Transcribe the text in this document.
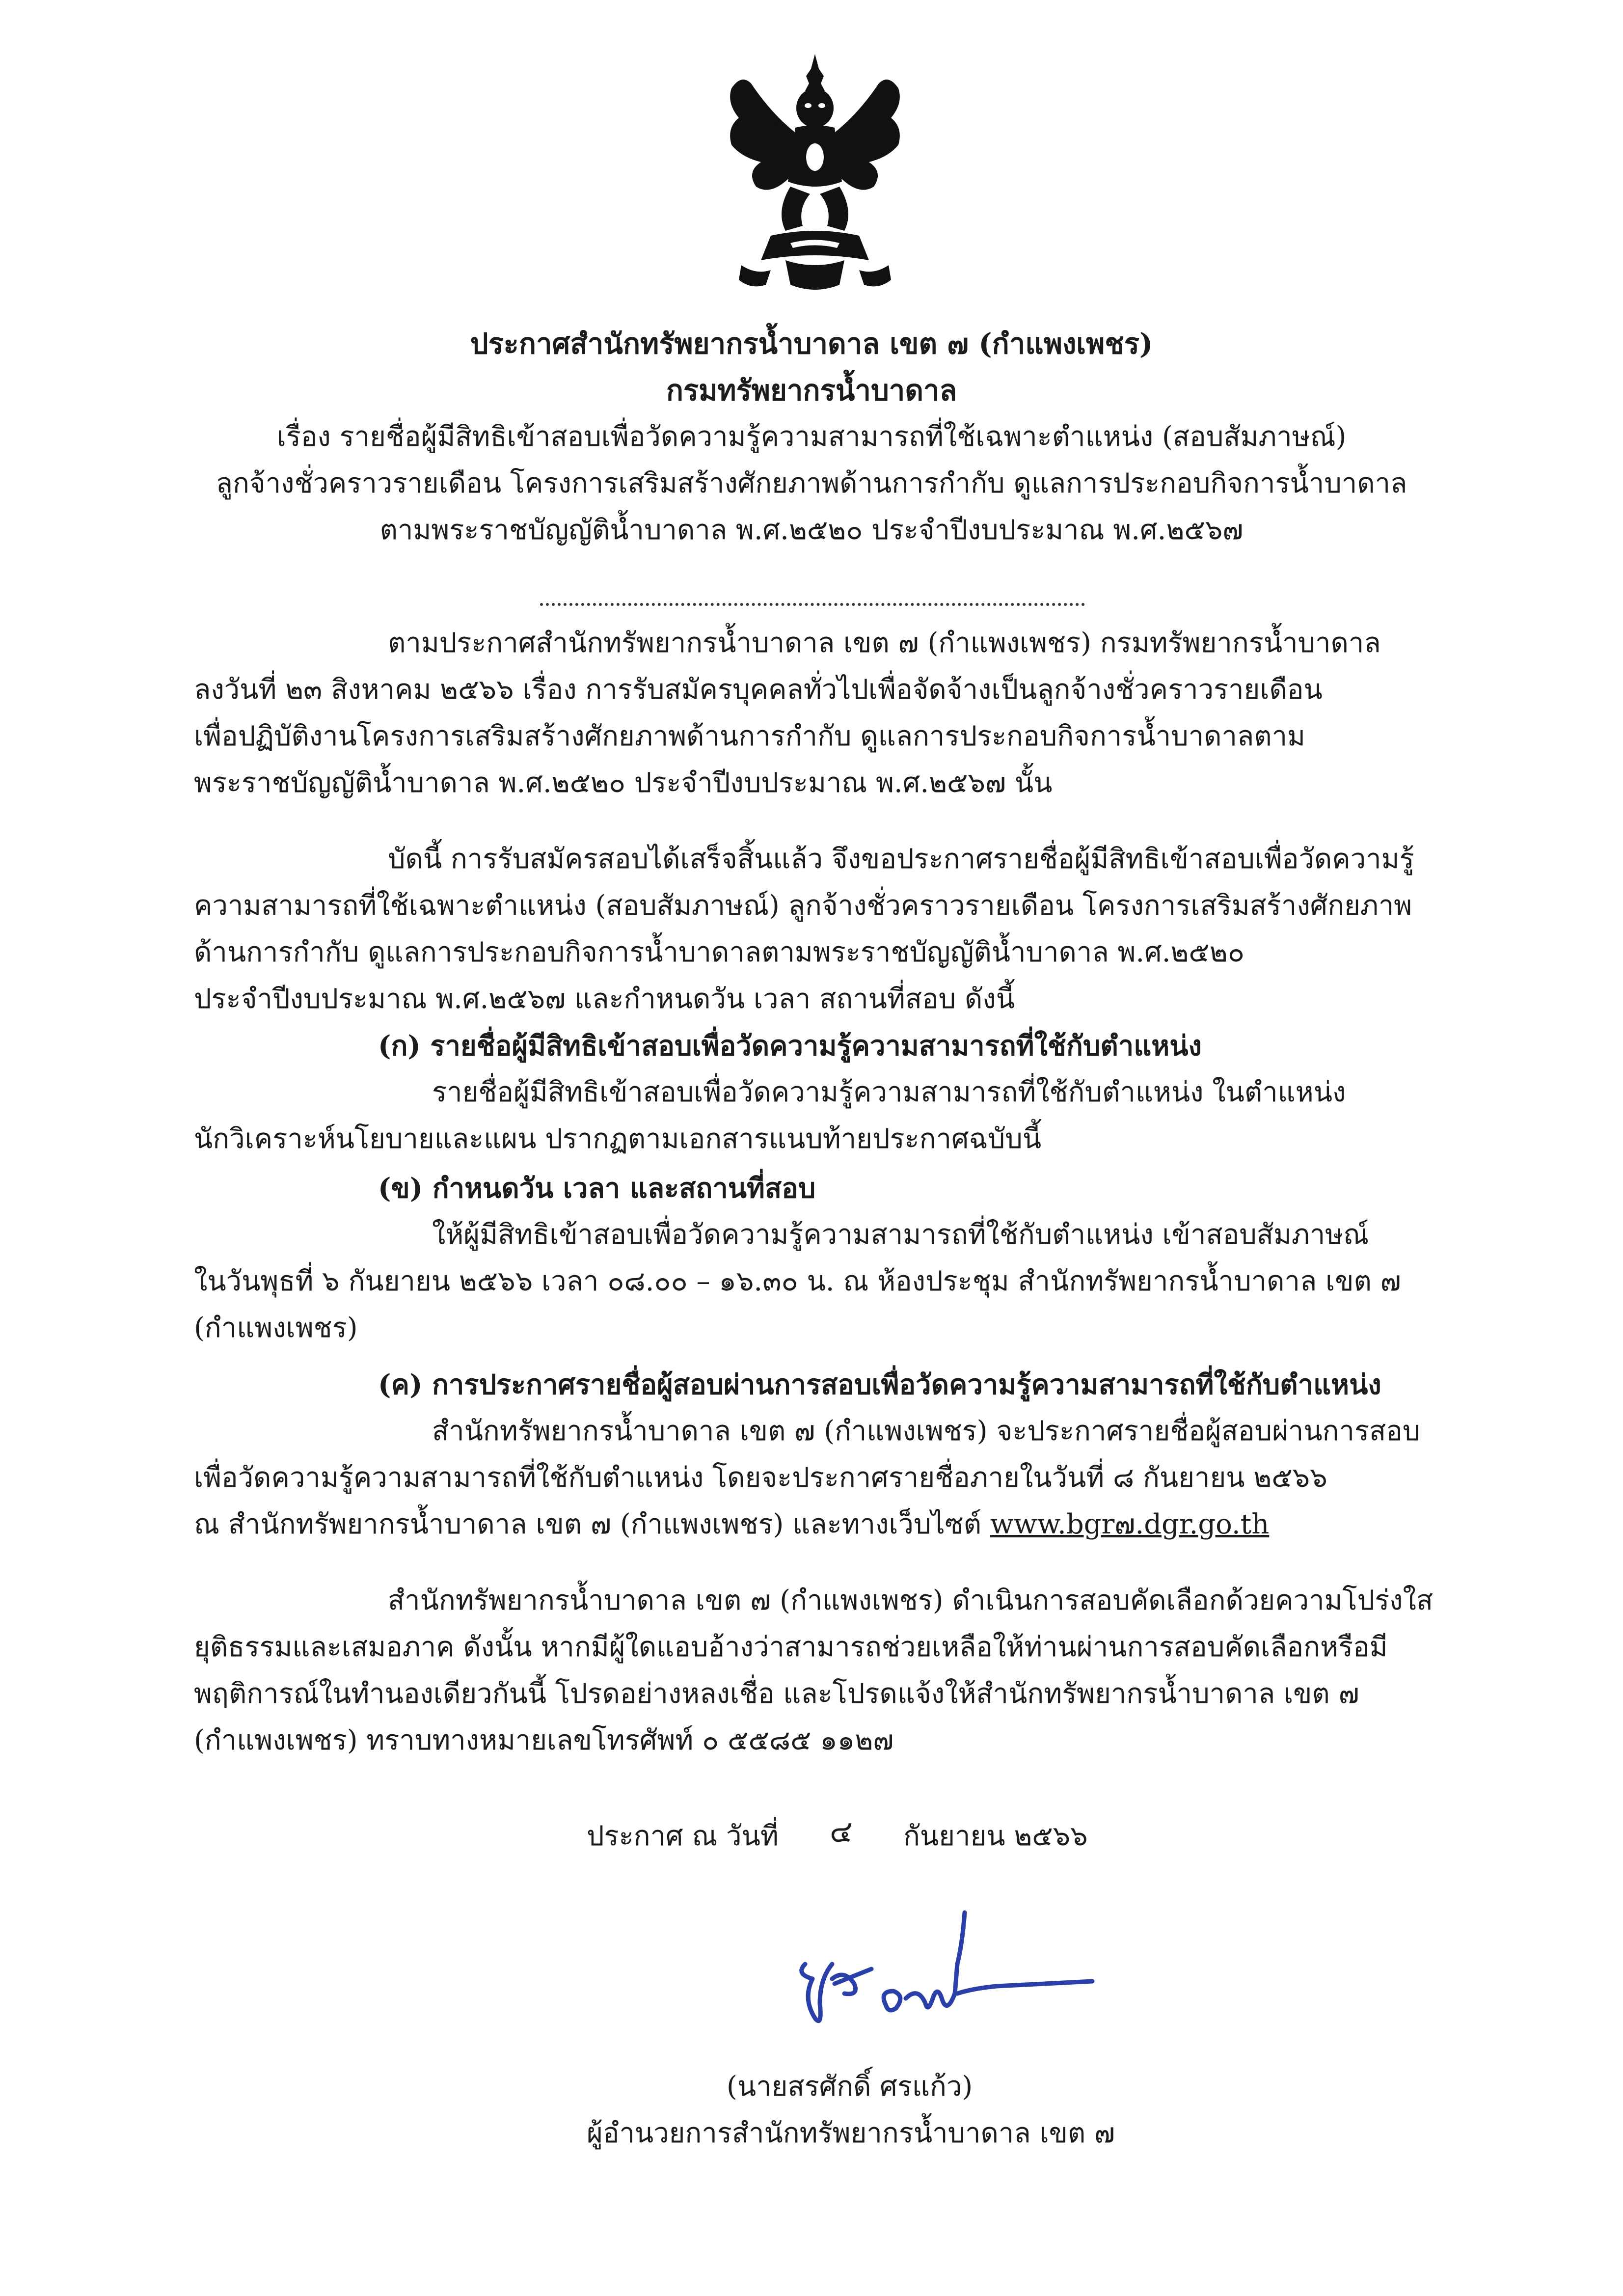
ประกาศสำนักทรัพยากรน้ำบาดาล เขต ๗ (กำแพงเพชร)
กรมทรัพยากรน้ำบาดาล
เรื่อง รายชื่อผู้มีสิทธิเข้าสอบเพื่อวัดความรู้ความสามารถที่ใช้เฉพาะตำแหน่ง (สอบสัมภาษณ์)
ลูกจ้างชั่วคราวรายเดือน โครงการเสริมสร้างศักยภาพด้านการกำกับ ดูแลการประกอบกิจการน้ำบาดาล
ตามพระราชบัญญัติน้ำบาดาล พ.ศ.๒๕๒๐ ประจำปีงบประมาณ พ.ศ.๒๕๖๗
ตามประกาศสำนักทรัพยากรน้ำบาดาล เขต ๗ (กำแพงเพชร) กรมทรัพยากรน้ำบาดาล
ลงวันที่ ๒๓ สิงหาคม ๒๕๖๖ เรื่อง การรับสมัครบุคคลทั่วไปเพื่อจัดจ้างเป็นลูกจ้างชั่วคราวรายเดือน
เพื่อปฏิบัติงานโครงการเสริมสร้างศักยภาพด้านการกำกับ ดูแลการประกอบกิจการน้ำบาดาลตาม
พระราชบัญญัติน้ำบาดาล พ.ศ.๒๕๒๐ ประจำปีงบประมาณ พ.ศ.๒๕๖๗ นั้น
บัดนี้ การรับสมัครสอบได้เสร็จสิ้นแล้ว จึงขอประกาศรายชื่อผู้มีสิทธิเข้าสอบเพื่อวัดความรู้
ความสามารถที่ใช้เฉพาะตำแหน่ง (สอบสัมภาษณ์) ลูกจ้างชั่วคราวรายเดือน โครงการเสริมสร้างศักยภาพ
ด้านการกำกับ ดูแลการประกอบกิจการน้ำบาดาลตามพระราชบัญญัติน้ำบาดาล พ.ศ.๒๕๒๐
ประจำปีงบประมาณ พ.ศ.๒๕๖๗ และกำหนดวัน เวลา สถานที่สอบ ดังนี้
(ก) รายชื่อผู้มีสิทธิเข้าสอบเพื่อวัดความรู้ความสามารถที่ใช้กับตำแหน่ง
รายชื่อผู้มีสิทธิเข้าสอบเพื่อวัดความรู้ความสามารถที่ใช้กับตำแหน่ง ในตำแหน่ง
นักวิเคราะห์นโยบายและแผน ปรากฏตามเอกสารแนบท้ายประกาศฉบับนี้
(ข) กำหนดวัน เวลา และสถานที่สอบ
ให้ผู้มีสิทธิเข้าสอบเพื่อวัดความรู้ความสามารถที่ใช้กับตำแหน่ง เข้าสอบสัมภาษณ์
ในวันพุธที่ ๖ กันยายน ๒๕๖๖ เวลา ๐๘.๐๐ – ๑๖.๓๐ น. ณ ห้องประชุม สำนักทรัพยากรน้ำบาดาล เขต ๗
(กำแพงเพชร)
(ค) การประกาศรายชื่อผู้สอบผ่านการสอบเพื่อวัดความรู้ความสามารถที่ใช้กับตำแหน่ง
สำนักทรัพยากรน้ำบาดาล เขต ๗ (กำแพงเพชร) จะประกาศรายชื่อผู้สอบผ่านการสอบ
เพื่อวัดความรู้ความสามารถที่ใช้กับตำแหน่ง โดยจะประกาศรายชื่อภายในวันที่ ๘ กันยายน ๒๕๖๖
ณ สำนักทรัพยากรน้ำบาดาล เขต ๗ (กำแพงเพชร) และทางเว็บไซต์ www.bgr๗.dgr.go.th
สำนักทรัพยากรน้ำบาดาล เขต ๗ (กำแพงเพชร) ดำเนินการสอบคัดเลือกด้วยความโปร่งใส
ยุติธรรมและเสมอภาค ดังนั้น หากมีผู้ใดแอบอ้างว่าสามารถช่วยเหลือให้ท่านผ่านการสอบคัดเลือกหรือมี
พฤติการณ์ในทำนองเดียวกันนี้ โปรดอย่างหลงเชื่อ และโปรดแจ้งให้สำนักทรัพยากรน้ำบาดาล เขต ๗
(กำแพงเพชร) ทราบทางหมายเลขโทรศัพท์ ๐ ๕๕๘๕ ๑๑๒๗
ประกาศ ณ วันที่ ๔ กันยายน ๒๕๖๖
(นายสรศักดิ์ ศรแก้ว)
ผู้อำนวยการสำนักทรัพยากรน้ำบาดาล เขต ๗
